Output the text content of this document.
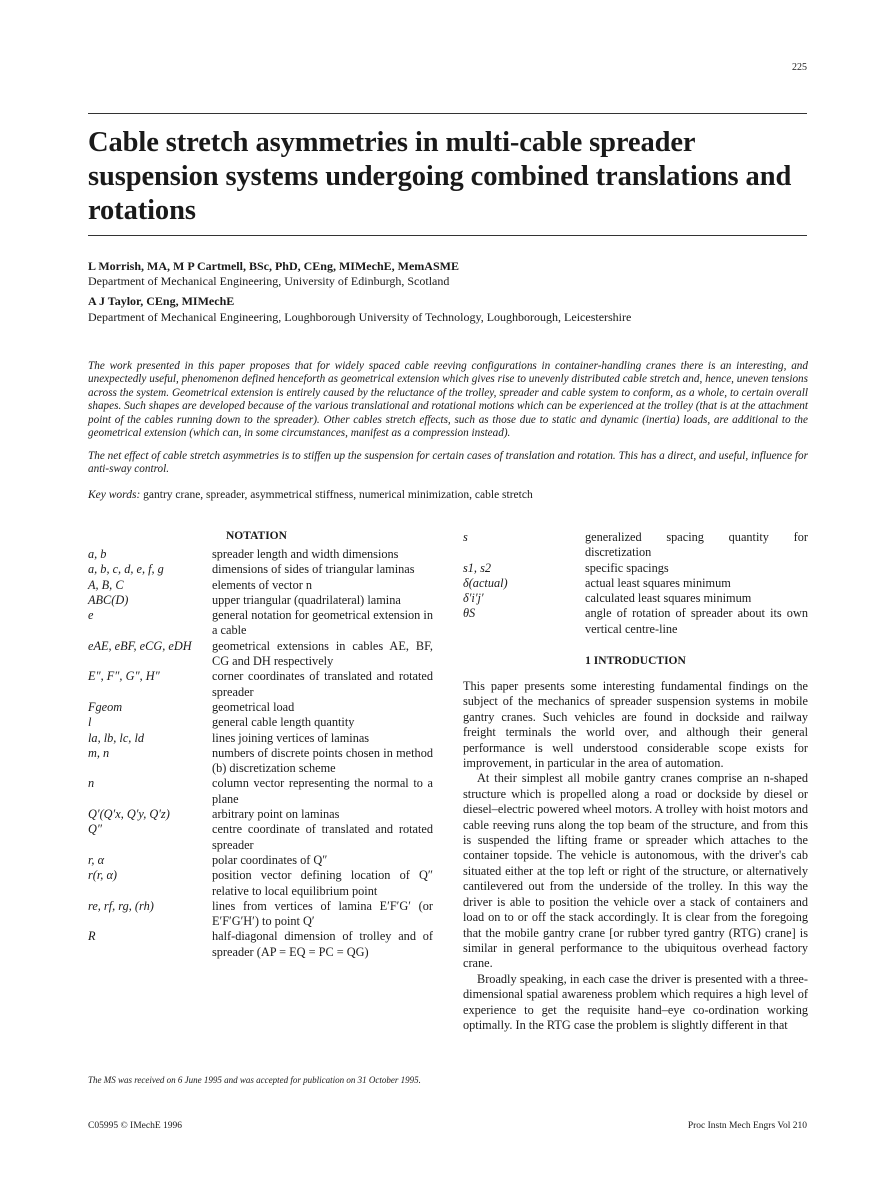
225
Cable stretch asymmetries in multi-cable spreader suspension systems undergoing combined translations and rotations
L Morrish, MA, M P Cartmell, BSc, PhD, CEng, MIMechE, MemASME
Department of Mechanical Engineering, University of Edinburgh, Scotland
A J Taylor, CEng, MIMechE
Department of Mechanical Engineering, Loughborough University of Technology, Loughborough, Leicestershire
The work presented in this paper proposes that for widely spaced cable reeving configurations in container-handling cranes there is an interesting, and unexpectedly useful, phenomenon defined henceforth as geometrical extension which gives rise to unevenly distributed cable stretch and, hence, uneven tensions across the system. Geometrical extension is entirely caused by the reluctance of the trolley, spreader and cable system to conform, as a whole, to certain overall shapes. Such shapes are developed because of the various translational and rotational motions which can be experienced at the trolley (that is at the attachment point of the cables running down to the spreader). Other cables stretch effects, such as those due to static and dynamic (inertia) loads, are additional to the geometrical extension (which can, in some circumstances, manifest as a compression instead).
The net effect of cable stretch asymmetries is to stiffen up the suspension for certain cases of translation and rotation. This has a direct, and useful, influence for anti-sway control.
Key words: gantry crane, spreader, asymmetrical stiffness, numerical minimization, cable stretch
NOTATION
a, b	spreader length and width dimensions
a, b, c, d, e, f, g	dimensions of sides of triangular laminas
A, B, C	elements of vector n
ABC(D)	upper triangular (quadrilateral) lamina
e	general notation for geometrical extension in a cable
eAE, eBF, eCG, eDH	geometrical extensions in cables AE, BF, CG and DH respectively
E″, F″, G″, H″	corner coordinates of translated and rotated spreader
Fgeom	geometrical load
l	general cable length quantity
la, lb, lc, ld	lines joining vertices of laminas
m, n	numbers of discrete points chosen in method (b) discretization scheme
n	column vector representing the normal to a plane
Q′(Q′x, Q′y, Q′z)	arbitrary point on laminas
Q″	centre coordinate of translated and rotated spreader
r, α	polar coordinates of Q″
r(r, α)	position vector defining location of Q″ relative to local equilibrium point
re, rf, rg, (rh)	lines from vertices of lamina E′F′G′ (or E′F′G′H′) to point Q′
R	half-diagonal dimension of trolley and of spreader (AP = EQ = PC = QG)
s	generalized spacing quantity for discretization
s1, s2	specific spacings
δ(actual)	actual least squares minimum
δ′i′j′	calculated least squares minimum
θS	angle of rotation of spreader about its own vertical centre-line
1 INTRODUCTION

This paper presents some interesting fundamental findings on the subject of the mechanics of spreader suspension systems in mobile gantry cranes. Such vehicles are found in dockside and railway freight terminals the world over, and although their general performance is well understood considerable scope exists for improvement, in particular in the area of automation.

At their simplest all mobile gantry cranes comprise an n-shaped structure which is propelled along a road or dockside by diesel or diesel–electric powered wheel motors. A trolley with hoist motors and cable reeving runs along the top beam of the structure, and from this is suspended the lifting frame or spreader which attaches to the container topside. The vehicle is autonomous, with the driver's cab situated either at the top left or right of the structure, or alternatively cantilevered out from the underside of the trolley. In this way the driver is able to position the vehicle over a stack of containers and load on to or off the stack accordingly. It is clear from the foregoing that the mobile gantry crane [or rubber tyred gantry (RTG) crane] is similar in general performance to the ubiquitous overhead factory crane.

Broadly speaking, in each case the driver is presented with a three-dimensional spatial awareness problem which requires a high level of experience to get the requisite hand–eye co-ordination working optimally. In the RTG case the problem is slightly different in that

The MS was received on 6 June 1995 and was accepted for publication on 31 October 1995.
C05995 © IMechE 1996	Proc Instn Mech Engrs Vol 210
